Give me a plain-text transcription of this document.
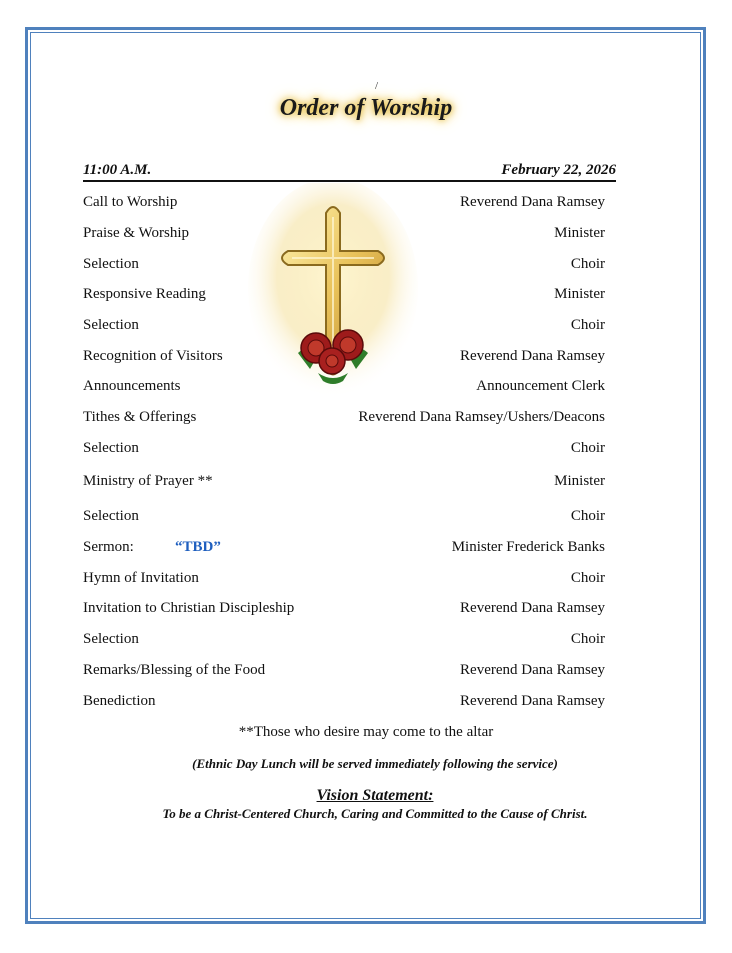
/
Order of Worship
11:00 A.M.	February 22, 2026
Call to Worship	Reverend Dana Ramsey
Praise & Worship	Minister
Selection	Choir
Responsive Reading	Minister
Selection	Choir
Recognition of Visitors	Reverend Dana Ramsey
Announcements	Announcement Clerk
Tithes & Offerings	Reverend Dana Ramsey/Ushers/Deacons
Selection	Choir
Ministry of Prayer **	Minister
Selection	Choir
Sermon:	“TBD”	Minister Frederick Banks
Hymn of Invitation	Choir
Invitation to Christian Discipleship	Reverend Dana Ramsey
Selection	Choir
Remarks/Blessing of the Food	Reverend Dana Ramsey
Benediction	Reverend Dana Ramsey
**Those who desire may come to the altar
(Ethnic Day Lunch will be served immediately following the service)
Vision Statement:
To be a Christ-Centered Church, Caring and Committed to the Cause of Christ.
